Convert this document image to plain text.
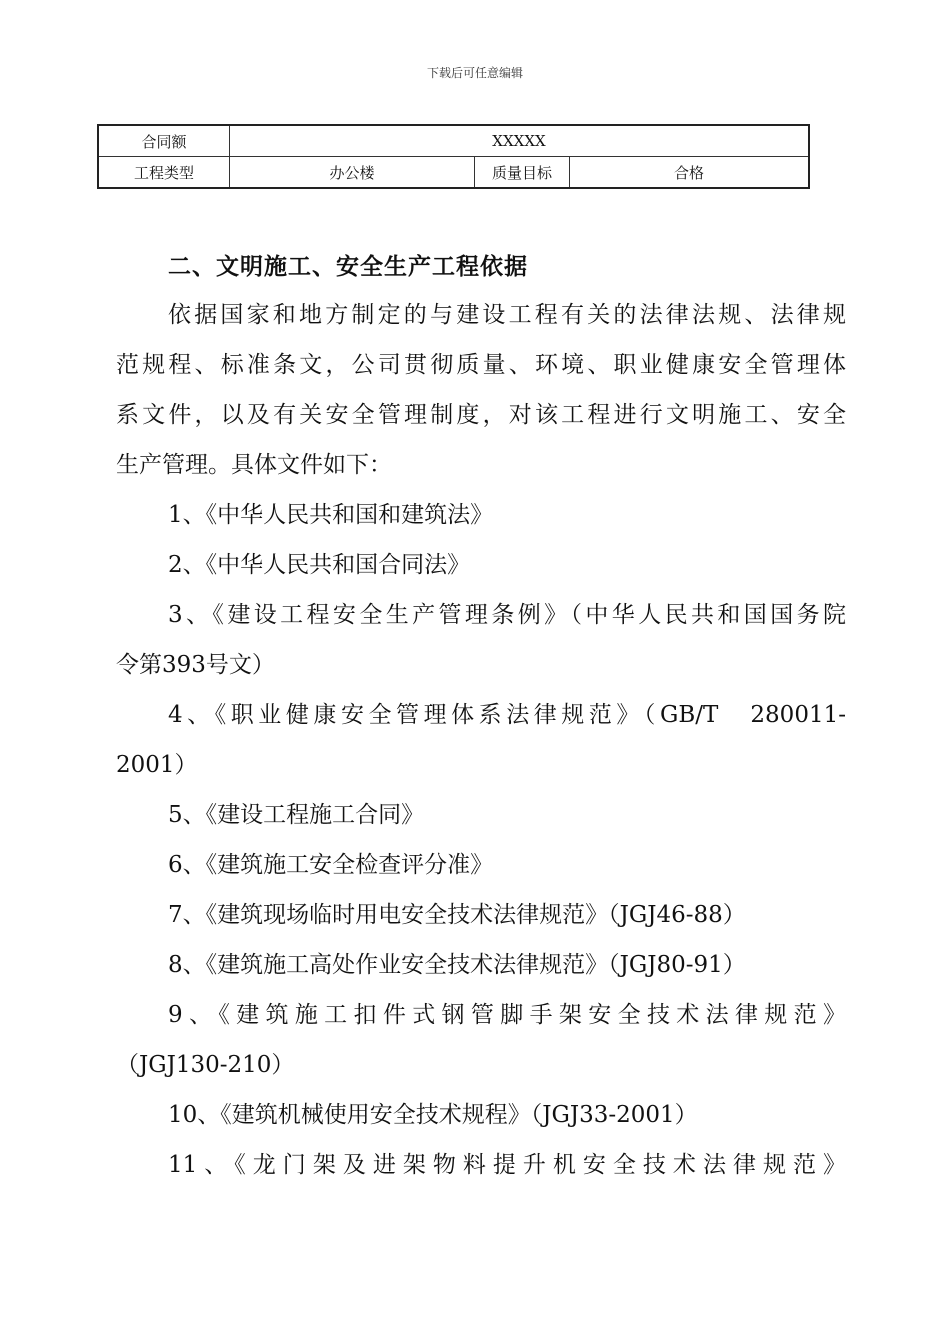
下载后可任意编辑
合同额	XXXXX		
工程类型	办公楼	质量目标	合格
二、文明施工、安全生产工程依据

依据国家和地方制定的与建设工程有关的法律法规、法律规

范规程、标准条文，公司贯彻质量、环境、职业健康安全管理体

系文件，以及有关安全管理制度，对该工程进行文明施工、安全

生产管理。具体文件如下：

1、《中华人民共和国和建筑法》

2、《中华人民共和国合同法》

3、《建设工程安全生产管理条例》（中华人民共和国国务院

令第393号文）

4、《职业健康安全管理体系法律规范》（GB/T　280011-

2001）

5、《建设工程施工合同》

6、《建筑施工安全检查评分准》

7、《建筑现场临时用电安全技术法律规范》（JGJ46-88）

8、《建筑施工高处作业安全技术法律规范》（JGJ80-91）

9、《建筑施工扣件式钢管脚手架安全技术法律规范》

（JGJ130-210）

10、《建筑机械使用安全技术规程》（JGJ33-2001）

11、《龙门架及进架物料提升机安全技术法律规范》
